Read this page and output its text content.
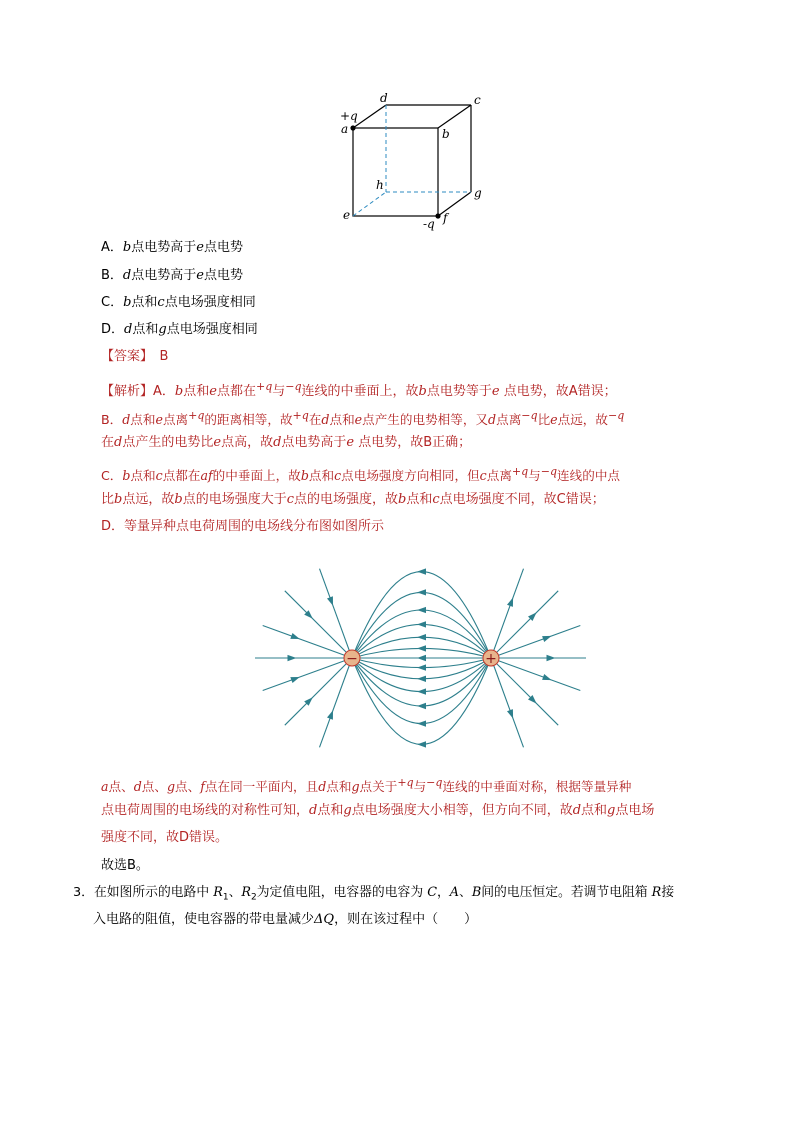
+q
a
d	c
b
h
g
e
-q f
A．b点电势高于e点电势
B．d点电势高于e点电势
C．b点和c点电场强度相同
D．d点和g点电场强度相同
【答案】　 B
【解析】A．b点和e点都在$^{+q}$与$^{-q}$连线的中垂面上，故b点电势等于e 点电势，故A错误；
B．d点和e点离+q的距离相等，故+q在d点和e点产生的电势相等，又d点离−q比e点远，故−q
在d点产生的电势比e点高，故d点电势高于e 点电势，故B正确；
C．b点和c点都在af的中垂面上，故b点和c点电场强度方向相同，但c点离+q与−q连线的中点
比b点远，故b点的电场强度大于c点的电场强度，故b点和c点电场强度不同，故C错误；
D．等量异种点电荷周围的电场线分布图如图所示
−	+
a点、d点、g点、f点在同一平面内，且d点和g点关于+q与−q连线的中垂面对称，根据等量异种
点电荷周围的电场线的对称性可知，d点和g点电场强度大小相等，但方向不同，故d点和g点电场
强度不同，故D错误。
故选B。
3．在如图所示的电路中 $R_1$、$R_2$为定值电阻，电容器的电容为 C，A、B间的电压恒定。若调节电阻箱 R接
入电路的阻值，使电容器的带电量减少ΔQ，则在该过程中（　　）
